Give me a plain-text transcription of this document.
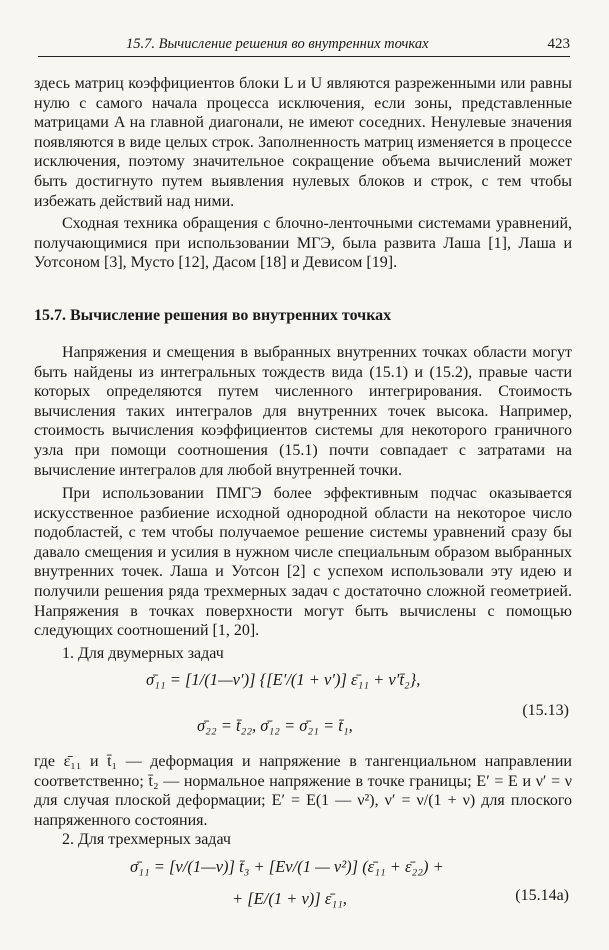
15.7. Вычисление решения во внутренних точках	423

здесь матриц коэффициентов блоки L и U являются разреженными или равны нулю с самого начала процесса исключения, если зоны, представленные матрицами A на главной диагонали, не имеют соседних. Ненулевые значения появляются в виде целых строк. Заполненность матриц изменяется в процессе исключения, поэтому значительное сокращение объема вычислений может быть достигнуто путем выявления нулевых блоков и строк, с тем чтобы избежать действий над ними.

Сходная техника обращения с блочно-ленточными системами уравнений, получающимися при использовании МГЭ, была развита Лаша [1], Лаша и Уотсоном [3], Мусто [12], Дасом [18] и Девисом [19].

15.7. Вычисление решения во внутренних точках

Напряжения и смещения в выбранных внутренних точках области могут быть найдены из интегральных тождеств вида (15.1) и (15.2), правые части которых определяются путем численного интегрирования. Стоимость вычисления таких интегралов для внутренних точек высока. Например, стоимость вычисления коэффициентов системы для некоторого граничного узла при помощи соотношения (15.1) почти совпадает с затратами на вычисление интегралов для любой внутренней точки.

При использовании ПМГЭ более эффективным подчас оказывается искусственное разбиение исходной однородной области на некоторое число подобластей, с тем чтобы получаемое решение системы уравнений сразу бы давало смещения и усилия в нужном числе специальным образом выбранных внутренних точек. Лаша и Уотсон [2] с успехом использовали эту идею и получили решения ряда трехмерных задач с достаточно сложной геометрией. Напряжения в точках поверхности могут быть вычислены с помощью следующих соотношений [1, 20].

1. Для двумерных задач
σ̄₁₁ = [1/(1—ν′)] {[E′/(1 + ν′)] ε̄₁₁ + ν′t̄₂},
σ̄₂₂ = t̄₂₂, σ̄₁₂ = σ̄₂₁ = t̄₁,
(15.13)

где ε̄₁₁ и t̄₁ — деформация и напряжение в тангенциальном направлении соответственно; t̄₂ — нормальное напряжение в точке границы; E′ = E и ν′ = ν для случая плоской деформации; E′ = E(1 — ν²), ν′ = ν/(1 + ν) для плоского напряженного состояния.

2. Для трехмерных задач
σ̄₁₁ = [ν/(1—ν)] t̄₃ + [Eν/(1 — ν²)] (ε̄₁₁ + ε̄₂₂) +
+ [E/(1 + ν)] ε̄₁₁,	(15.14a)
